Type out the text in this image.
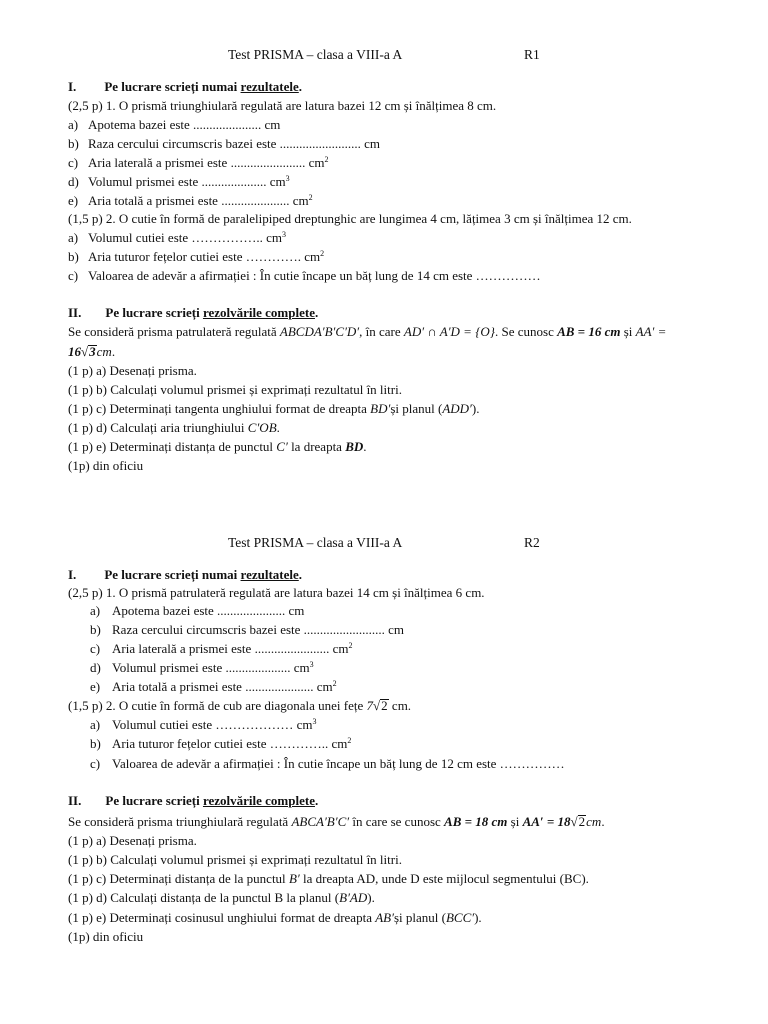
Test PRISMA – clasa a VIII-a A	R1
I. Pe lucrare scrieți numai rezultatele.
(2,5 p) 1. O prismă triunghiulară regulată are latura bazei 12 cm și înălțimea 8 cm.
a) Apotema bazei este ..................... cm
b) Raza cercului circumscris bazei este ......................... cm
c) Aria laterală a prismei este ....................... $cm^2$
d) Volumul prismei este .................... $cm^3$
e) Aria totală a prismei este ..................... $cm^2$
(1,5 p) 2. O cutie în formă de paralelipiped dreptunghic are lungimea 4 cm, lățimea 3 cm și înălțimea 12 cm.
a) Volumul cutiei este …………….. $cm^3$
b) Aria tuturor fețelor cutiei este …………. $cm^2$
c) Valoarea de adevăr a afirmației : În cutie încape un băț lung de 14 cm este ……………
II. Pe lucrare scrieți rezolvările complete.
Se consideră prisma patrulateră regulată ABCDA′B′C′D′, în care AD′ ∩ A′D = {O}. Se cunosc AB = 16 cm și AA′ =
16√3cm.
(1 p) a) Desenați prisma.
(1 p) b) Calculați volumul prismei și exprimați rezultatul în litri.
(1 p) c) Determinați tangenta unghiului format de dreapta BD′și planul (ADD′).
(1 p) d) Calculați aria triunghiului C′OB.
(1 p) e) Determinați distanța de punctul C′ la dreapta BD.
(1p) din oficiu
Test PRISMA – clasa a VIII-a A	R2
I. Pe lucrare scrieți numai rezultatele.
(2,5 p) 1. O prismă patrulateră regulată are latura bazei 14 cm și înălțimea 6 cm.
a) Apotema bazei este ..................... cm
b) Raza cercului circumscris bazei este ......................... cm
c) Aria laterală a prismei este ....................... $cm^2$
d) Volumul prismei este .................... $cm^3$
e) Aria totală a prismei este ..................... $cm^2$
(1,5 p) 2. O cutie în formă de cub are diagonala unei fețe 7√2 cm.
a) Volumul cutiei este ……………… $cm^3$
b) Aria tuturor fețelor cutiei este ………….. $cm^2$
c) Valoarea de adevăr a afirmației : În cutie încape un băț lung de 12 cm este ……………
II. Pe lucrare scrieți rezolvările complete.
Se consideră prisma triunghiulară regulată ABCA′B′C′ în care se cunosc AB = 18 cm și AA′ = 18√2cm.
(1 p) a) Desenați prisma.
(1 p) b) Calculați volumul prismei și exprimați rezultatul în litri.
(1 p) c) Determinați distanța de la punctul B′ la dreapta AD, unde D este mijlocul segmentului (BC).
(1 p) d) Calculați distanța de la punctul B la planul (B′AD).
(1 p) e) Determinați cosinusul unghiului format de dreapta AB′și planul (BCC′).
(1p) din oficiu
